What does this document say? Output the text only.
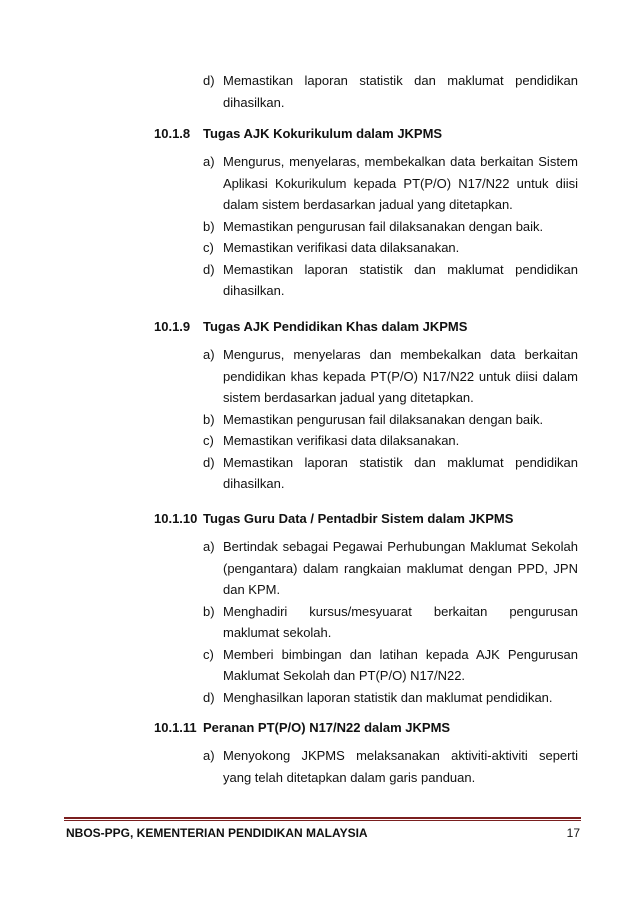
d) Memastikan laporan statistik dan maklumat pendidikan dihasilkan.
10.1.8 Tugas AJK Kokurikulum dalam JKPMS
a) Mengurus, menyelaras, membekalkan data berkaitan Sistem Aplikasi Kokurikulum kepada PT(P/O) N17/N22 untuk diisi dalam sistem berdasarkan jadual yang ditetapkan.
b) Memastikan pengurusan fail dilaksanakan dengan baik.
c) Memastikan verifikasi data dilaksanakan.
d) Memastikan laporan statistik dan maklumat pendidikan dihasilkan.
10.1.9 Tugas AJK Pendidikan Khas dalam JKPMS
a) Mengurus, menyelaras dan membekalkan data berkaitan pendidikan khas kepada PT(P/O) N17/N22 untuk diisi dalam sistem berdasarkan jadual yang ditetapkan.
b) Memastikan pengurusan fail dilaksanakan dengan baik.
c) Memastikan verifikasi data dilaksanakan.
d) Memastikan laporan statistik dan maklumat pendidikan dihasilkan.
10.1.10 Tugas Guru Data / Pentadbir Sistem dalam JKPMS
a) Bertindak sebagai Pegawai Perhubungan Maklumat Sekolah (pengantara) dalam rangkaian maklumat dengan PPD, JPN dan KPM.
b) Menghadiri kursus/mesyuarat berkaitan pengurusan maklumat sekolah.
c) Memberi bimbingan dan latihan kepada AJK Pengurusan Maklumat Sekolah dan PT(P/O) N17/N22.
d) Menghasilkan laporan statistik dan maklumat pendidikan.
10.1.11 Peranan PT(P/O) N17/N22 dalam JKPMS
a) Menyokong JKPMS melaksanakan aktiviti-aktiviti seperti yang telah ditetapkan dalam garis panduan.
NBOS-PPG, KEMENTERIAN PENDIDIKAN MALAYSIA	17
